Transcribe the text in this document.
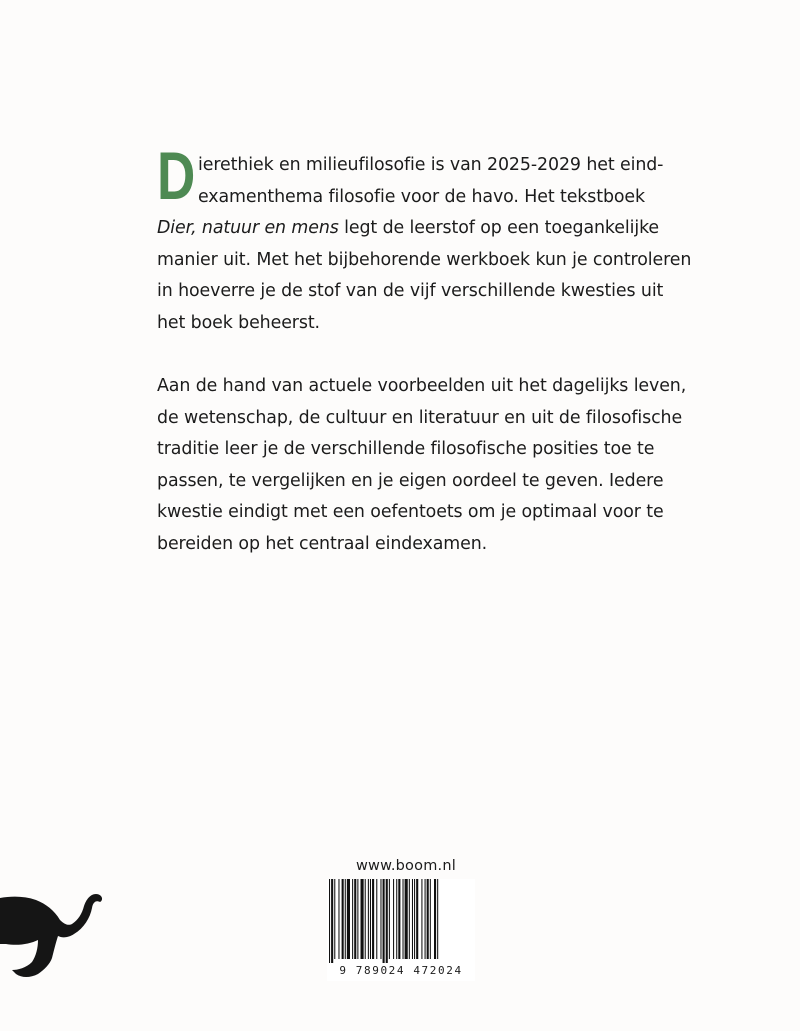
D ierethiek en milieufilosofie is van 2025-2029 het eind-
examenthema filosofie voor de havo. Het tekstboek
Dier, natuur en mens legt de leerstof op een toegankelijke
manier uit. Met het bijbehorende werkboek kun je controleren
in hoeverre je de stof van de vijf verschillende kwesties uit
het boek beheerst.

Aan de hand van actuele voorbeelden uit het dagelijks leven,
de wetenschap, de cultuur en literatuur en uit de filosofische
traditie leer je de verschillende filosofische posities toe te
passen, te vergelijken en je eigen oordeel te geven. Iedere
kwestie eindigt met een oefentoets om je optimaal voor te
bereiden op het centraal eindexamen.

www.boom.nl
9 789024 472024
